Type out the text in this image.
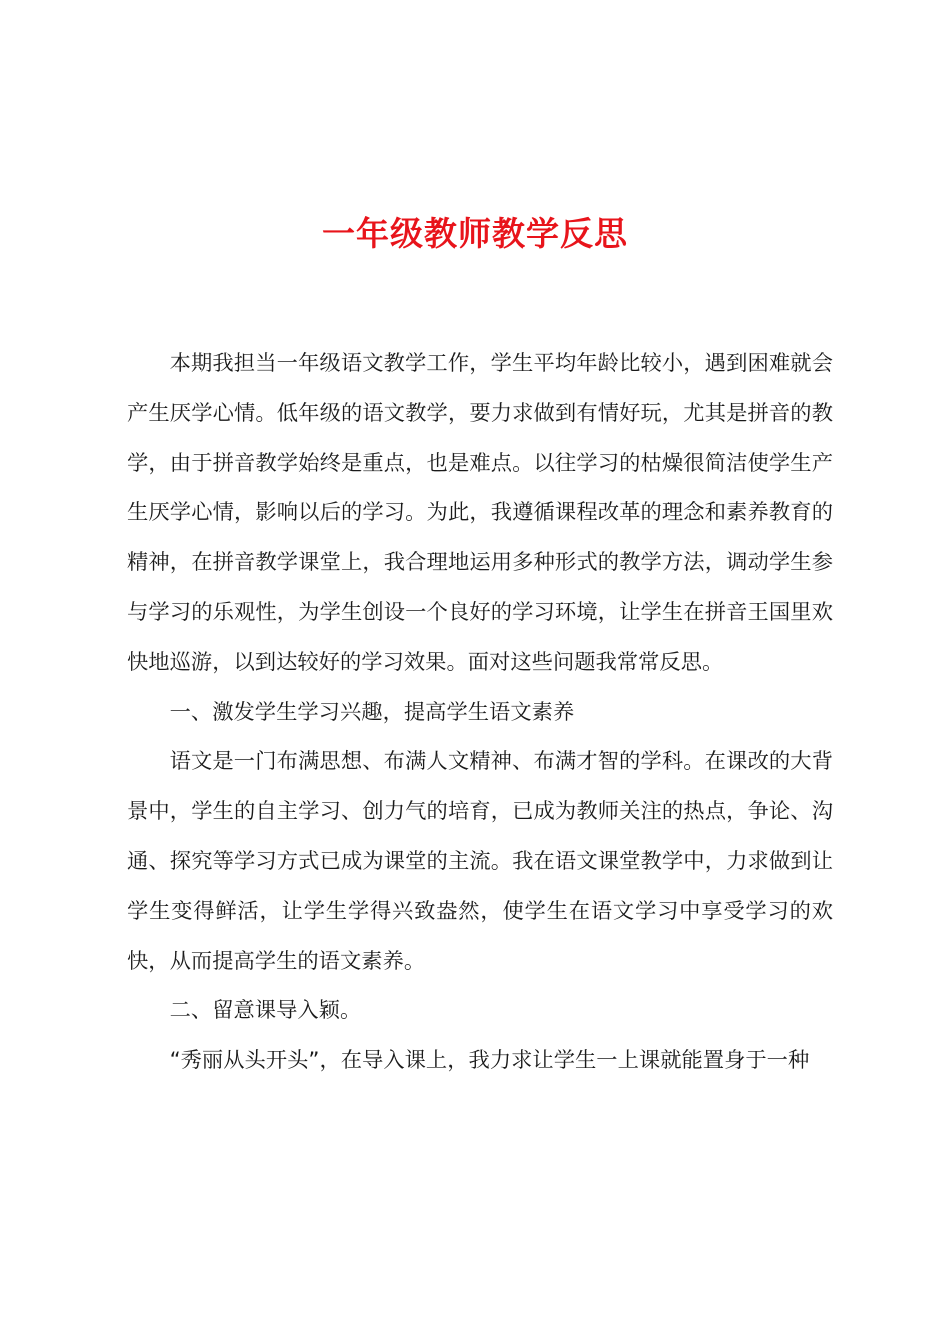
一年级教师教学反思

本期我担当一年级语文教学工作，学生平均年龄比较小，遇到困难就会产生厌学心情。低年级的语文教学，要力求做到有情好玩，尤其是拼音的教学，由于拼音教学始终是重点，也是难点。以往学习的枯燥很简洁使学生产生厌学心情，影响以后的学习。为此，我遵循课程改革的理念和素养教育的精神，在拼音教学课堂上，我合理地运用多种形式的教学方法，调动学生参与学习的乐观性，为学生创设一个良好的学习环境，让学生在拼音王国里欢快地巡游，以到达较好的学习效果。面对这些问题我常常反思。

一、激发学生学习兴趣，提高学生语文素养

语文是一门布满思想、布满人文精神、布满才智的学科。在课改的大背景中，学生的自主学习、创力气的培育，已成为教师关注的热点，争论、沟通、探究等学习方式已成为课堂的主流。我在语文课堂教学中，力求做到让学生变得鲜活，让学生学得兴致盎然，使学生在语文学习中享受学习的欢快，从而提高学生的语文素养。

二、留意课导入颖。

“秀丽从头开头”，在导入课上，我力求让学生一上课就能置身于一种
